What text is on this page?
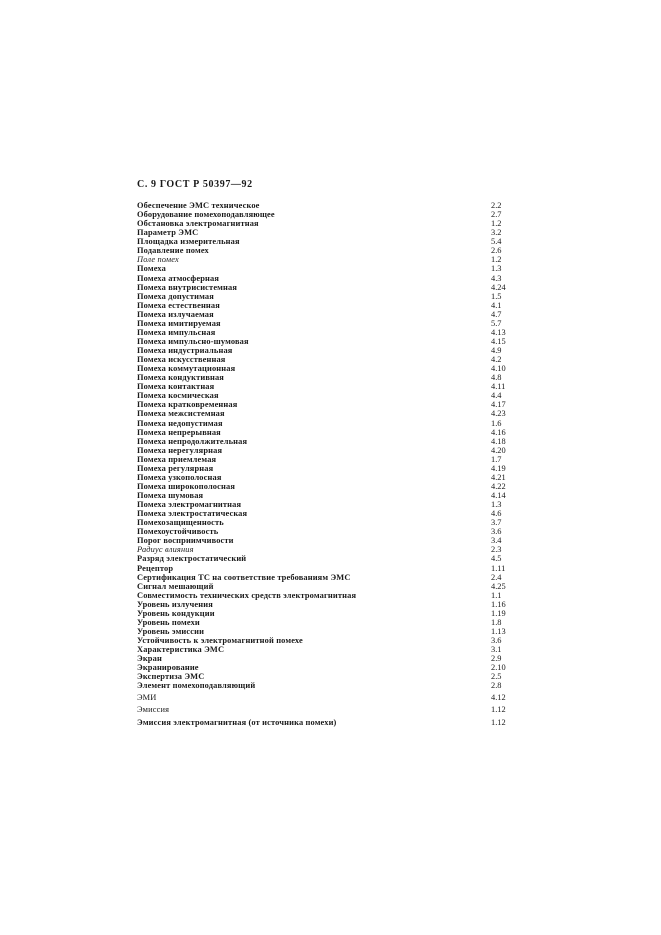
С. 9 ГОСТ Р 50397—92
Обеспечение ЭМС техническое	2.2
Оборудование помехоподавляющее	2.7
Обстановка электромагнитная	1.2
Параметр ЭМС	3.2
Площадка измерительная	5.4
Подавление помех	2.6
Поле помех	1.2
Помеха	1.3
Помеха атмосферная	4.3
Помеха внутрисистемная	4.24
Помеха допустимая	1.5
Помеха естественная	4.1
Помеха излучаемая	4.7
Помеха имитируемая	5.7
Помеха импульсная	4.13
Помеха импульсно-шумовая	4.15
Помеха индустриальная	4.9
Помеха искусственная	4.2
Помеха коммутационная	4.10
Помеха кондуктивная	4.8
Помеха контактная	4.11
Помеха космическая	4.4
Помеха кратковременная	4.17
Помеха межсистемная	4.23
Помеха недопустимая	1.6
Помеха непрерывная	4.16
Помеха непродолжительная	4.18
Помеха нерегулярная	4.20
Помеха приемлемая	1.7
Помеха регулярная	4.19
Помеха узкополосная	4.21
Помеха широкополосная	4.22
Помеха шумовая	4.14
Помеха электромагнитная	1.3
Помеха электростатическая	4.6
Помехозащищенность	3.7
Помехоустойчивость	3.6
Порог восприимчивости	3.4
Радиус влияния	2.3
Разряд электростатический	4.5
Рецептор	1.11
Сертификация ТС на соответствие требованиям ЭМС	2.4
Сигнал мешающий	4.25
Совместимость технических средств электромагнитная	1.1
Уровень излучения	1.16
Уровень кондукции	1.19
Уровень помехи	1.8
Уровень эмиссии	1.13
Устойчивость к электромагнитной помехе	3.6
Характеристика ЭМС	3.1
Экран	2.9
Экранирование	2.10
Экспертиза ЭМС	2.5
Элемент помехоподавляющий	2.8
ЭМИ	4.12
Эмиссия	1.12
Эмиссия электромагнитная (от источника помехи)	1.12
